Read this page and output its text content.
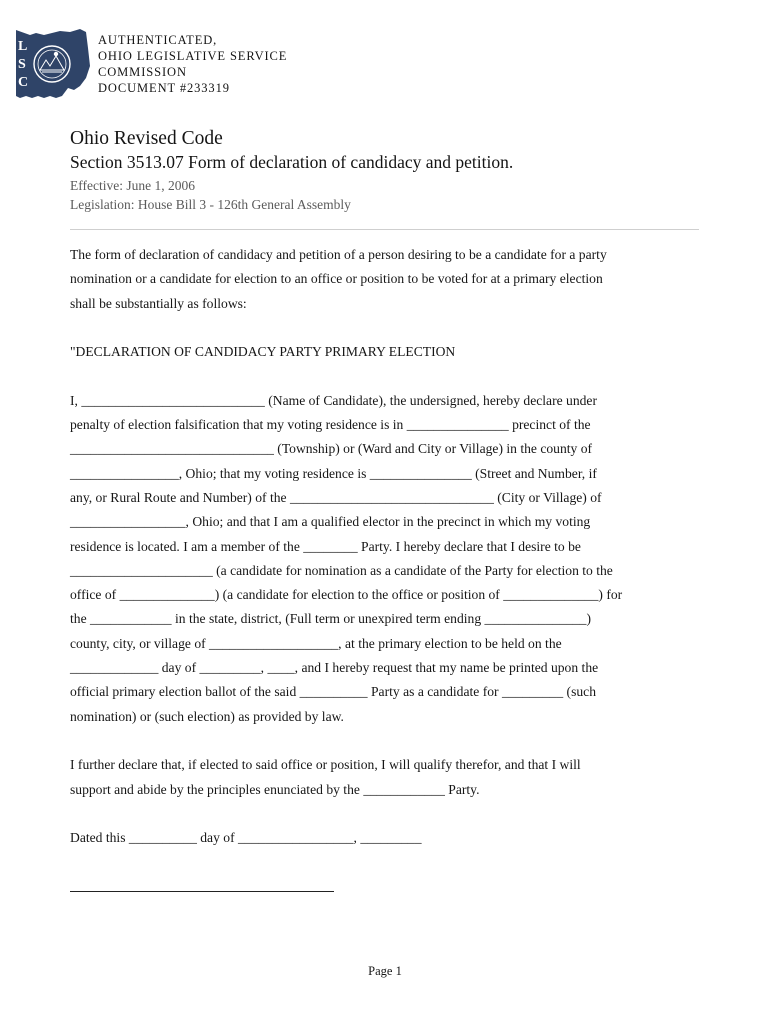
L
S
C
AUTHENTICATED,
OHIO LEGISLATIVE SERVICE
COMMISSION
DOCUMENT #233319
Ohio Revised Code
Section 3513.07 Form of declaration of candidacy and petition.
Effective: June 1, 2006
Legislation: House Bill 3 - 126th General Assembly
The form of declaration of candidacy and petition of a person desiring to be a candidate for a party
nomination or a candidate for election to an office or position to be voted for at a primary election
shall be substantially as follows:
"DECLARATION OF CANDIDACY PARTY PRIMARY ELECTION
I, ___________________________ (Name of Candidate), the undersigned, hereby declare under
penalty of election falsification that my voting residence is in _______________ precinct of the
______________________________ (Township) or (Ward and City or Village) in the county of
________________, Ohio; that my voting residence is _______________ (Street and Number, if
any, or Rural Route and Number) of the ______________________________ (City or Village) of
_________________, Ohio; and that I am a qualified elector in the precinct in which my voting
residence is located. I am a member of the ________ Party. I hereby declare that I desire to be
_____________________ (a candidate for nomination as a candidate of the Party for election to the
office of ______________) (a candidate for election to the office or position of ______________) for
the ____________ in the state, district, (Full term or unexpired term ending _______________)
county, city, or village of ___________________, at the primary election to be held on the
_____________ day of _________, ____, and I hereby request that my name be printed upon the
official primary election ballot of the said __________ Party as a candidate for _________ (such
nomination) or (such election) as provided by law.
I further declare that, if elected to said office or position, I will qualify therefor, and that I will
support and abide by the principles enunciated by the ____________ Party.
Dated this __________ day of _________________, _________
Page 1
